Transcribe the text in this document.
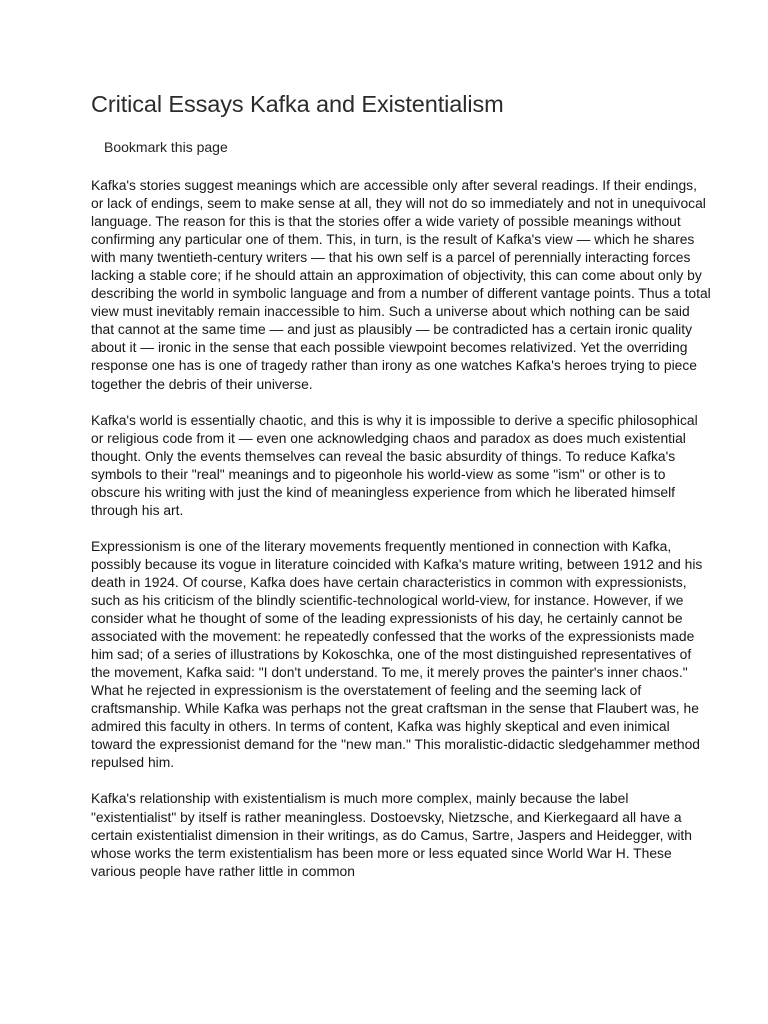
Critical Essays Kafka and Existentialism
Bookmark this page

Kafka's stories suggest meanings which are accessible only after several readings. If their endings, or lack of endings, seem to make sense at all, they will not do so immediately and not in unequivocal language. The reason for this is that the stories offer a wide variety of possible meanings without confirming any particular one of them. This, in turn, is the result of Kafka's view — which he shares with many twentieth-century writers — that his own self is a parcel of perennially interacting forces lacking a stable core; if he should attain an approximation of objectivity, this can come about only by describing the world in symbolic language and from a number of different vantage points. Thus a total view must inevitably remain inaccessible to him. Such a universe about which nothing can be said that cannot at the same time — and just as plausibly — be contradicted has a certain ironic quality about it — ironic in the sense that each possible viewpoint becomes relativized. Yet the overriding response one has is one of tragedy rather than irony as one watches Kafka's heroes trying to piece together the debris of their universe.

Kafka's world is essentially chaotic, and this is why it is impossible to derive a specific philosophical or religious code from it — even one acknowledging chaos and paradox as does much existential thought. Only the events themselves can reveal the basic absurdity of things. To reduce Kafka's symbols to their "real" meanings and to pigeonhole his world-view as some "ism" or other is to obscure his writing with just the kind of meaningless experience from which he liberated himself through his art.

Expressionism is one of the literary movements frequently mentioned in connection with Kafka, possibly because its vogue in literature coincided with Kafka's mature writing, between 1912 and his death in 1924. Of course, Kafka does have certain characteristics in common with expressionists, such as his criticism of the blindly scientific-technological world-view, for instance. However, if we consider what he thought of some of the leading expressionists of his day, he certainly cannot be associated with the movement: he repeatedly confessed that the works of the expressionists made him sad; of a series of illustrations by Kokoschka, one of the most distinguished representatives of the movement, Kafka said: "I don't understand. To me, it merely proves the painter's inner chaos." What he rejected in expressionism is the overstatement of feeling and the seeming lack of craftsmanship. While Kafka was perhaps not the great craftsman in the sense that Flaubert was, he admired this faculty in others. In terms of content, Kafka was highly skeptical and even inimical toward the expressionist demand for the "new man." This moralistic-didactic sledgehammer method repulsed him.

Kafka's relationship with existentialism is much more complex, mainly because the label "existentialist" by itself is rather meaningless. Dostoevsky, Nietzsche, and Kierkegaard all have a certain existentialist dimension in their writings, as do Camus, Sartre, Jaspers and Heidegger, with whose works the term existentialism has been more or less equated since World War H. These various people have rather little in common
